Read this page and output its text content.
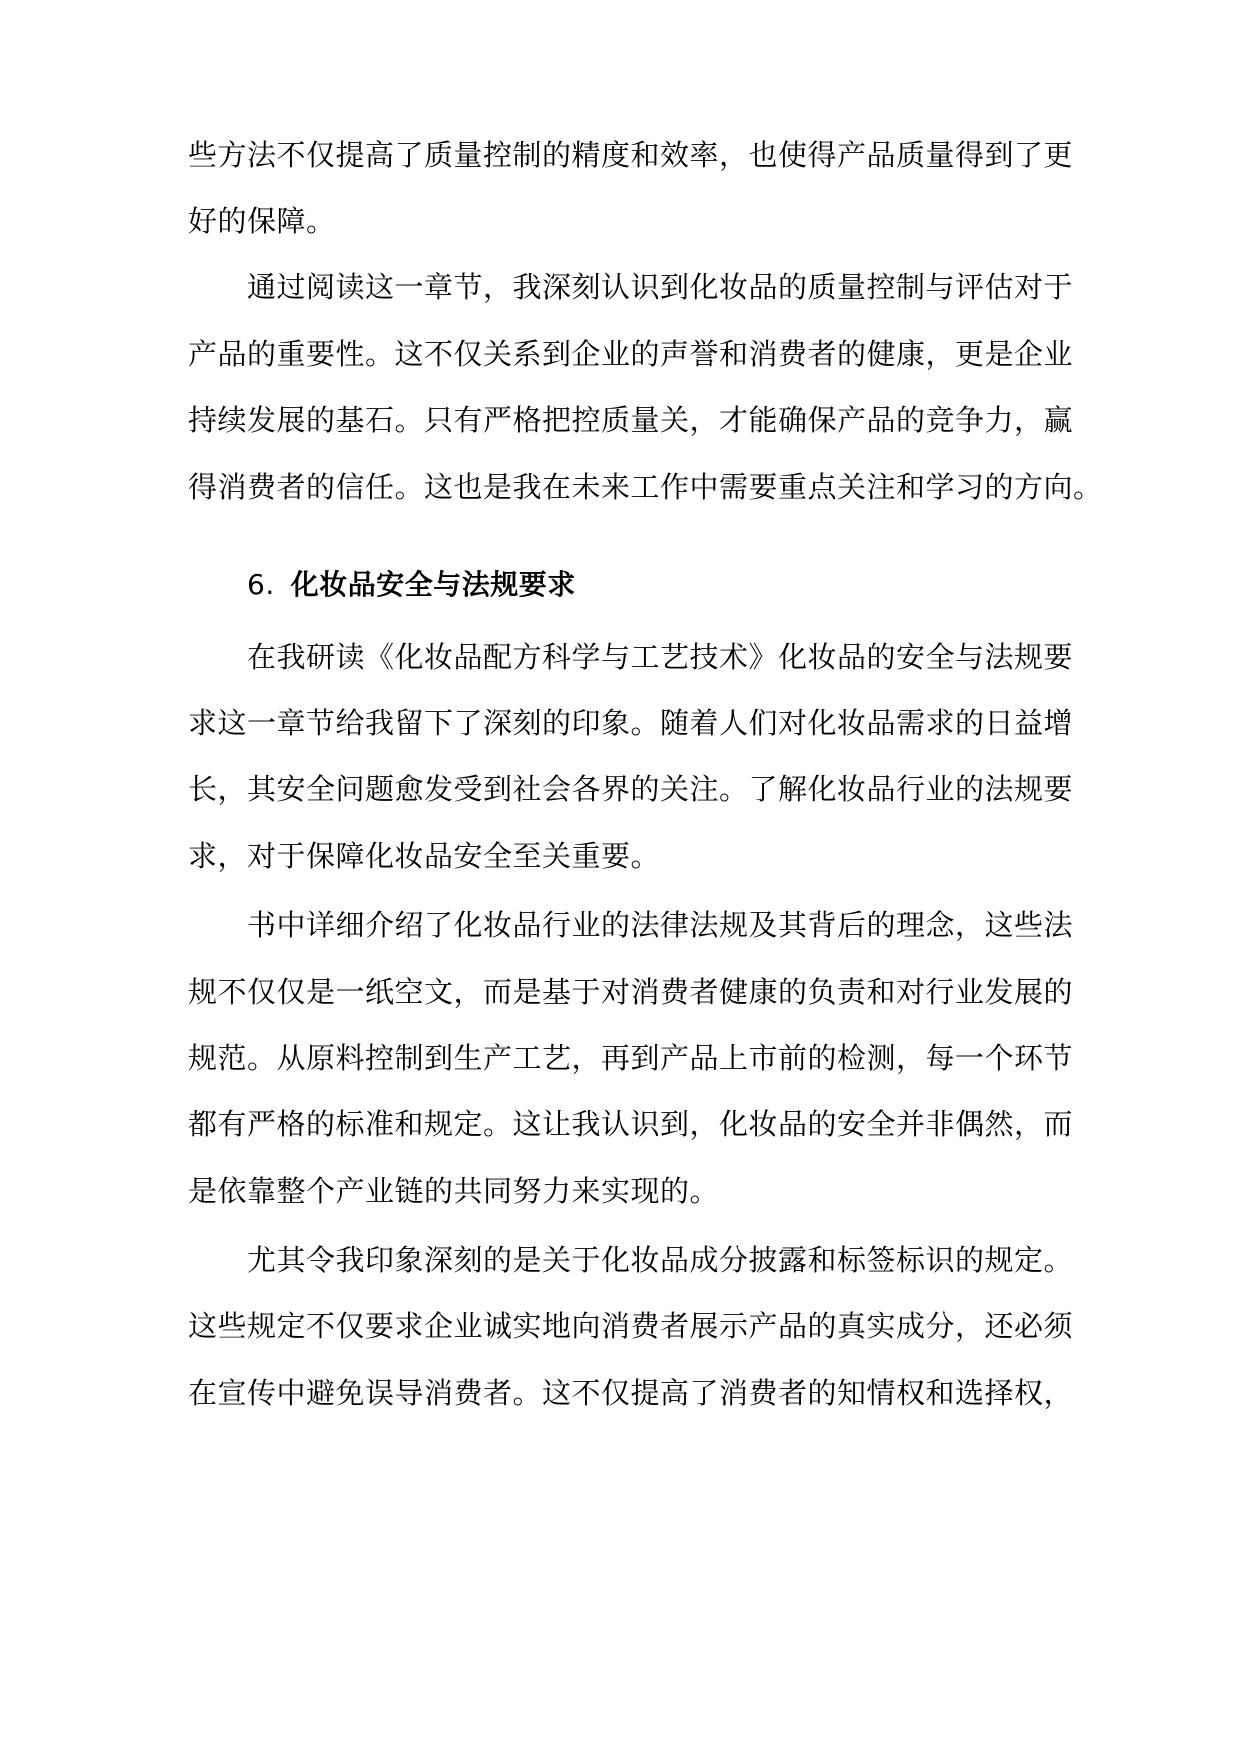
些方法不仅提高了质量控制的精度和效率，也使得产品质量得到了更
好的保障。
通过阅读这一章节，我深刻认识到化妆品的质量控制与评估对于
产品的重要性。这不仅关系到企业的声誉和消费者的健康，更是企业
持续发展的基石。只有严格把控质量关，才能确保产品的竞争力，赢
得消费者的信任。这也是我在未来工作中需要重点关注和学习的方向。
6. 化妆品安全与法规要求
在我研读《化妆品配方科学与工艺技术》化妆品的安全与法规要
求这一章节给我留下了深刻的印象。随着人们对化妆品需求的日益增
长，其安全问题愈发受到社会各界的关注。了解化妆品行业的法规要
求，对于保障化妆品安全至关重要。
书中详细介绍了化妆品行业的法律法规及其背后的理念，这些法
规不仅仅是一纸空文，而是基于对消费者健康的负责和对行业发展的
规范。从原料控制到生产工艺，再到产品上市前的检测，每一个环节
都有严格的标准和规定。这让我认识到，化妆品的安全并非偶然，而
是依靠整个产业链的共同努力来实现的。
尤其令我印象深刻的是关于化妆品成分披露和标签标识的规定。
这些规定不仅要求企业诚实地向消费者展示产品的真实成分，还必须
在宣传中避免误导消费者。这不仅提高了消费者的知情权和选择权，
